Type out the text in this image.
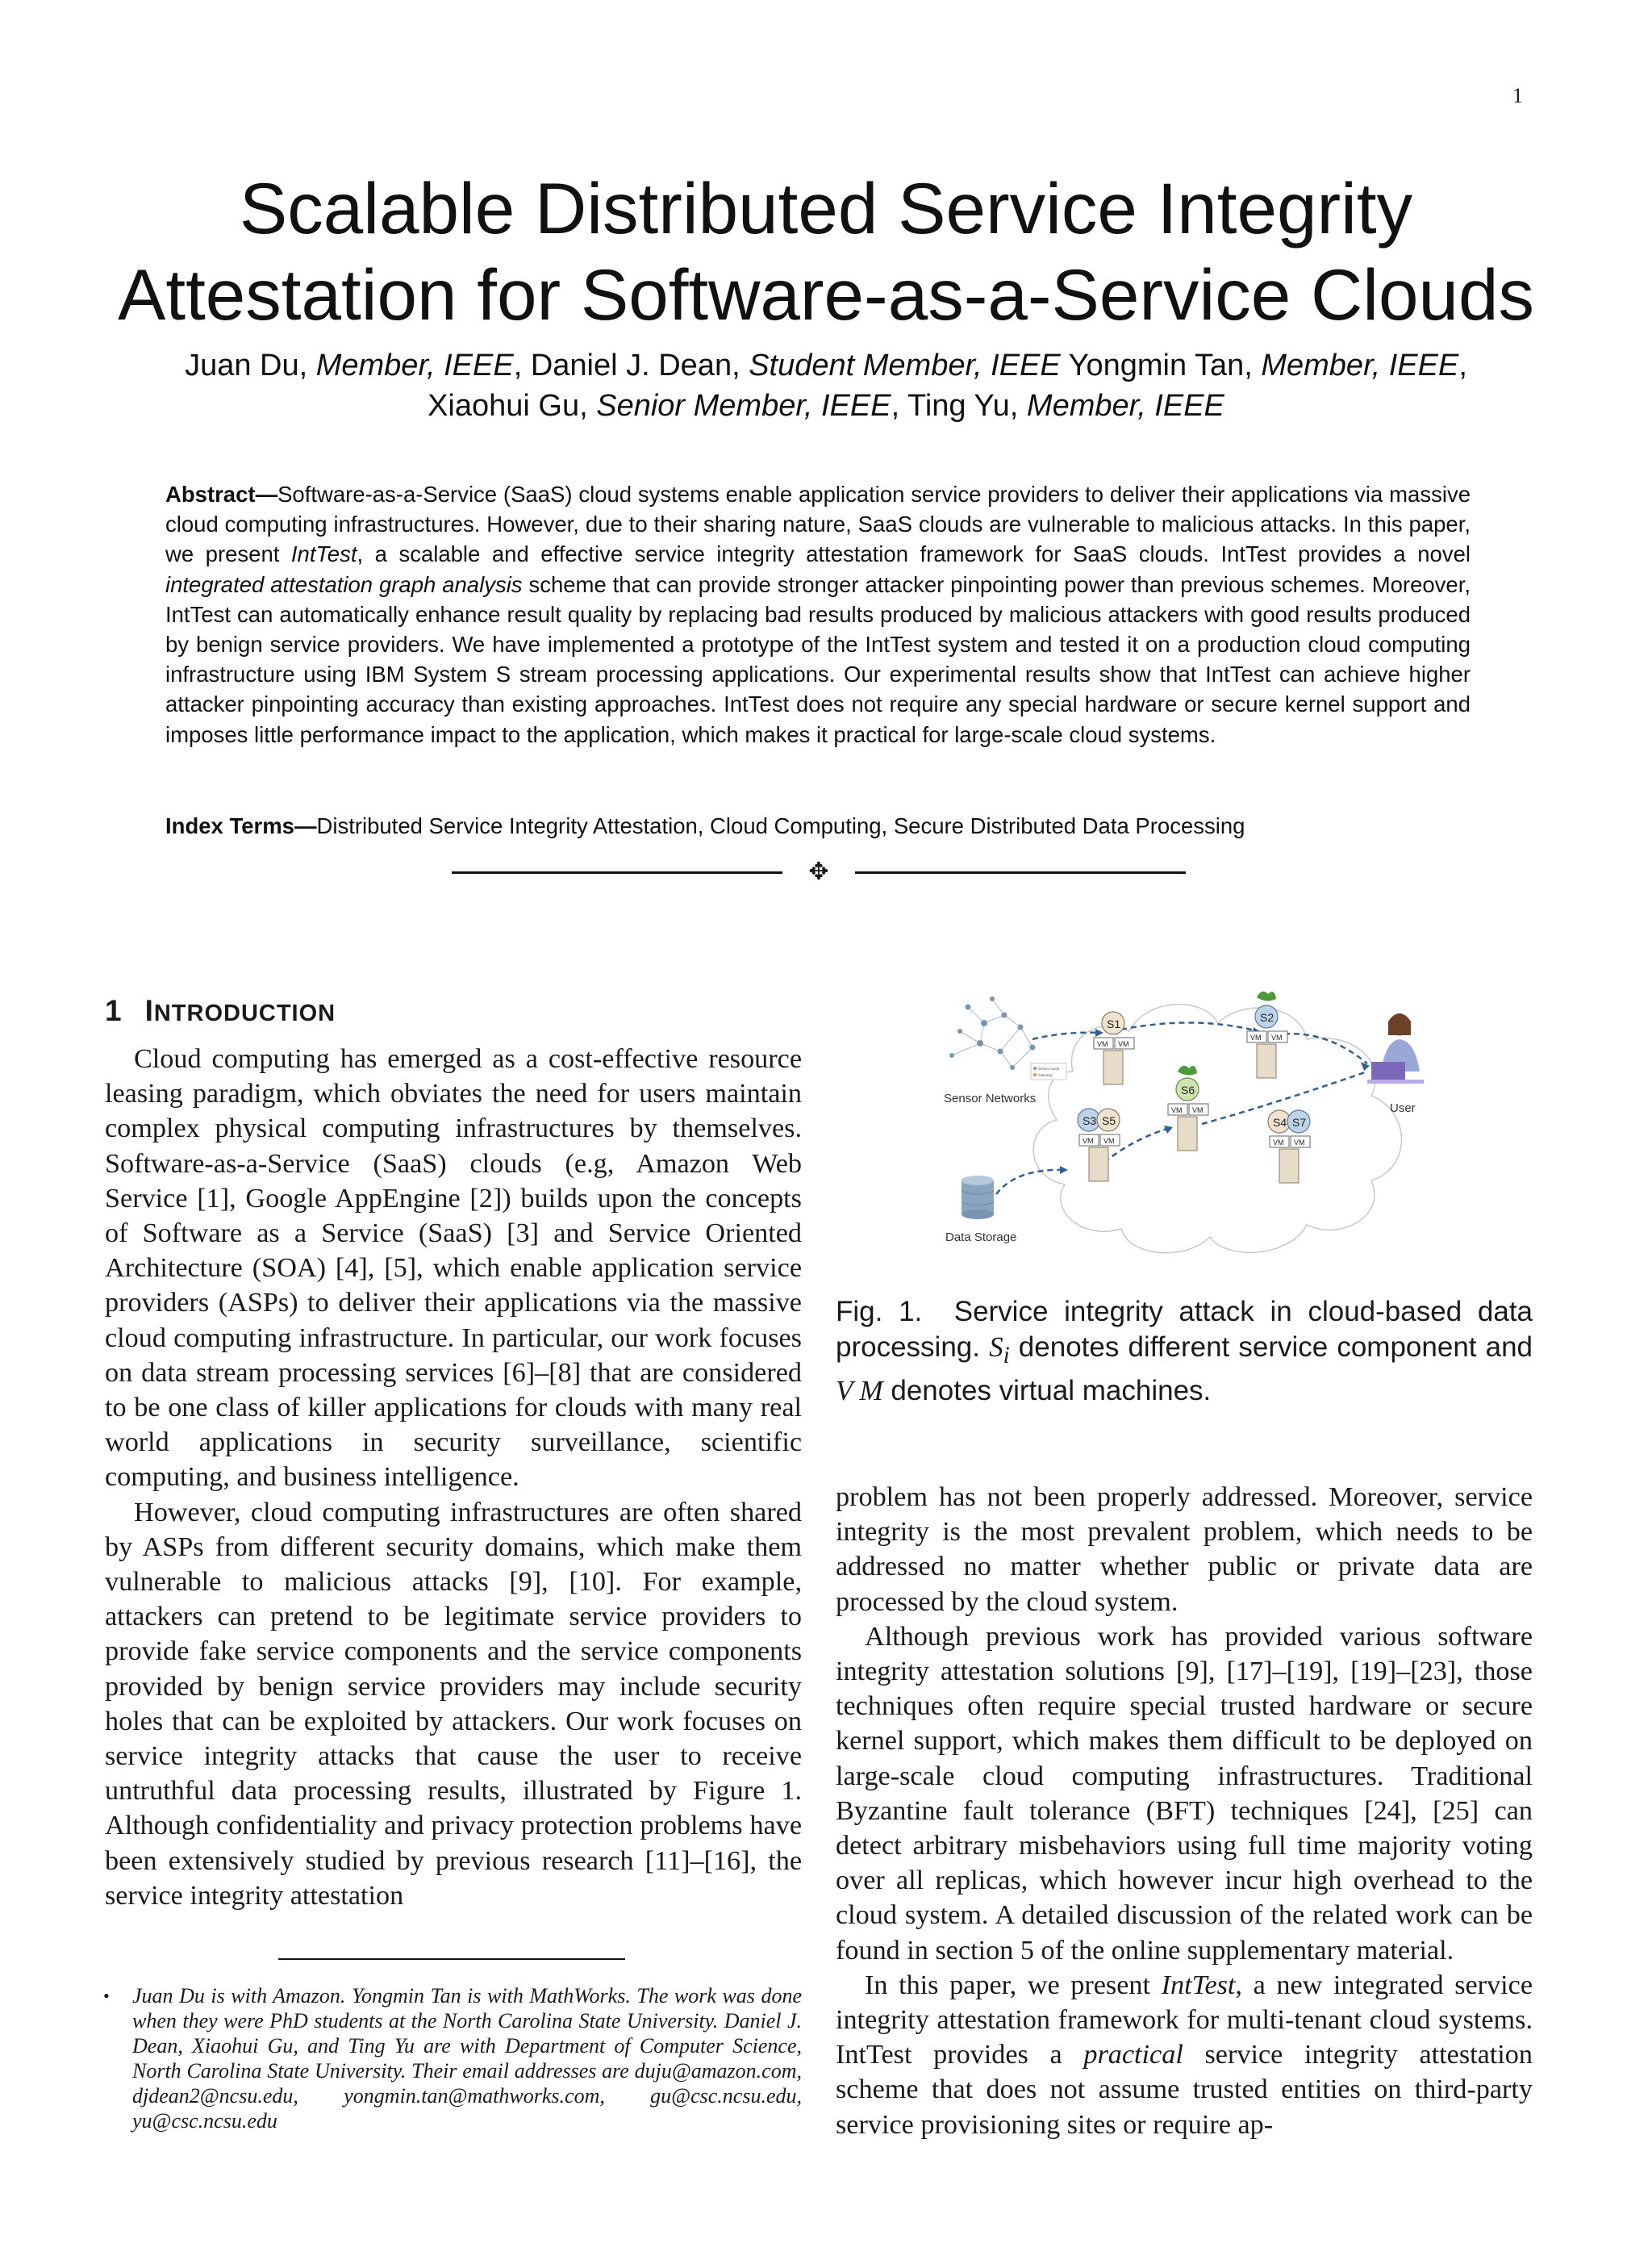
1
Scalable Distributed Service Integrity
Attestation for Software-as-a-Service Clouds
Juan Du, Member, IEEE, Daniel J. Dean, Student Member, IEEE Yongmin Tan, Member, IEEE,
Xiaohui Gu, Senior Member, IEEE, Ting Yu, Member, IEEE
Abstract—Software-as-a-Service (SaaS) cloud systems enable application service providers to deliver their applications via massive cloud computing infrastructures. However, due to their sharing nature, SaaS clouds are vulnerable to malicious attacks. In this paper, we present IntTest, a scalable and effective service integrity attestation framework for SaaS clouds. IntTest provides a novel integrated attestation graph analysis scheme that can provide stronger attacker pinpointing power than previous schemes. Moreover, IntTest can automatically enhance result quality by replacing bad results produced by malicious attackers with good results produced by benign service providers. We have implemented a prototype of the IntTest system and tested it on a production cloud computing infrastructure using IBM System S stream processing applications. Our experimental results show that IntTest can achieve higher attacker pinpointing accuracy than existing approaches. IntTest does not require any special hardware or secure kernel support and imposes little performance impact to the application, which makes it practical for large-scale cloud systems.
Index Terms—Distributed Service Integrity Attestation, Cloud Computing, Secure Distributed Data Processing
✥
1 INTRODUCTION

Cloud computing has emerged as a cost-effective resource leasing paradigm, which obviates the need for users maintain complex physical computing infrastructures by themselves. Software-as-a-Service (SaaS) clouds (e.g, Amazon Web Service [1], Google AppEngine [2]) builds upon the concepts of Software as a Service (SaaS) [3] and Service Oriented Architecture (SOA) [4], [5], which enable application service providers (ASPs) to deliver their applications via the massive cloud computing infrastructure. In particular, our work focuses on data stream processing services [6]–[8] that are considered to be one class of killer applications for clouds with many real world applications in security surveillance, scientific computing, and business intelligence.

However, cloud computing infrastructures are often shared by ASPs from different security domains, which make them vulnerable to malicious attacks [9], [10]. For example, attackers can pretend to be legitimate service providers to provide fake service components and the service components provided by benign service providers may include security holes that can be exploited by attackers. Our work focuses on service integrity attacks that cause the user to receive untruthful data processing results, illustrated by Figure 1. Although confidentiality and privacy protection problems have been extensively studied by previous research [11]–[16], the service integrity attestation

• Juan Du is with Amazon. Yongmin Tan is with MathWorks. The work was done when they were PhD students at the North Carolina State University. Daniel J. Dean, Xiaohui Gu, and Ting Yu are with Department of Computer Science, North Carolina State University. Their email addresses are duju@amazon.com, djdean2@ncsu.edu, yongmin.tan@mathworks.com, gu@csc.ncsu.edu, yu@csc.ncsu.edu
Sensor Node
Gateway
Sensor Networks
Data Storage
User
S1
VM VM
S2
VM VM
S6
VM VM
S3 S5
VM VM
S4 S7
VM VM
Fig. 1. Service integrity attack in cloud-based data processing. $S_i$ denotes different service component and V M denotes virtual machines.

problem has not been properly addressed. Moreover, service integrity is the most prevalent problem, which needs to be addressed no matter whether public or private data are processed by the cloud system.

Although previous work has provided various software integrity attestation solutions [9], [17]–[19], [19]–[23], those techniques often require special trusted hardware or secure kernel support, which makes them difficult to be deployed on large-scale cloud computing infrastructures. Traditional Byzantine fault tolerance (BFT) techniques [24], [25] can detect arbitrary misbehaviors using full time majority voting over all replicas, which however incur high overhead to the cloud system. A detailed discussion of the related work can be found in section 5 of the online supplementary material.

In this paper, we present IntTest, a new integrated service integrity attestation framework for multi-tenant cloud systems. IntTest provides a practical service integrity attestation scheme that does not assume trusted entities on third-party service provisioning sites or require ap-
